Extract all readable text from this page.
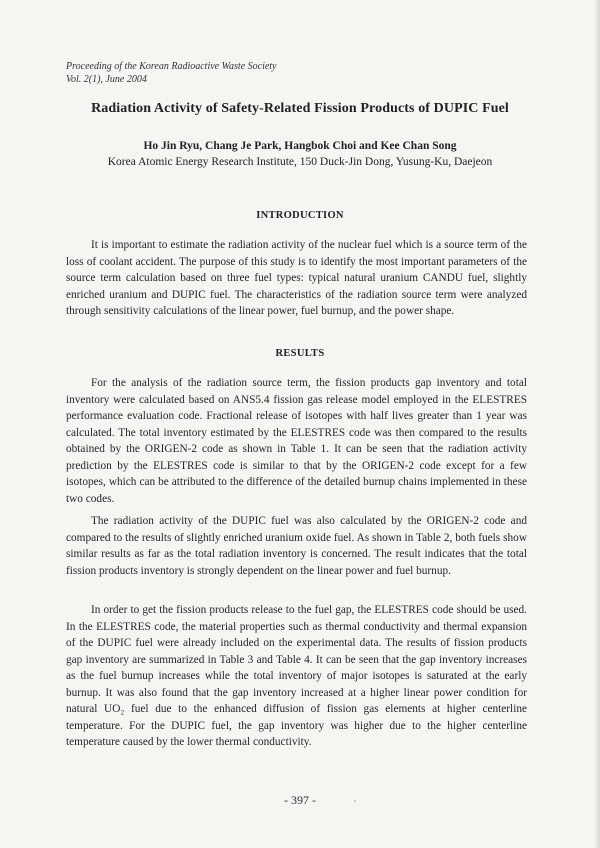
Proceeding of the Korean Radioactive Waste Society
Vol. 2(1), June 2004
Radiation Activity of Safety-Related Fission Products of DUPIC Fuel
Ho Jin Ryu, Chang Je Park, Hangbok Choi and Kee Chan Song
Korea Atomic Energy Research Institute, 150 Duck-Jin Dong, Yusung-Ku, Daejeon
INTRODUCTION
It is important to estimate the radiation activity of the nuclear fuel which is a source term of the loss of coolant accident. The purpose of this study is to identify the most important parameters of the source term calculation based on three fuel types: typical natural uranium CANDU fuel, slightly enriched uranium and DUPIC fuel. The characteristics of the radiation source term were analyzed through sensitivity calculations of the linear power, fuel burnup, and the power shape.
RESULTS
For the analysis of the radiation source term, the fission products gap inventory and total inventory were calculated based on ANS5.4 fission gas release model employed in the ELESTRES performance evaluation code. Fractional release of isotopes with half lives greater than 1 year was calculated. The total inventory estimated by the ELESTRES code was then compared to the results obtained by the ORIGEN-2 code as shown in Table 1. It can be seen that the radiation activity prediction by the ELESTRES code is similar to that by the ORIGEN-2 code except for a few isotopes, which can be attributed to the difference of the detailed burnup chains implemented in these two codes.
The radiation activity of the DUPIC fuel was also calculated by the ORIGEN-2 code and compared to the results of slightly enriched uranium oxide fuel. As shown in Table 2, both fuels show similar results as far as the total radiation inventory is concerned. The result indicates that the total fission products inventory is strongly dependent on the linear power and fuel burnup.
In order to get the fission products release to the fuel gap, the ELESTRES code should be used. In the ELESTRES code, the material properties such as thermal conductivity and thermal expansion of the DUPIC fuel were already included on the experimental data. The results of fission products gap inventory are summarized in Table 3 and Table 4. It can be seen that the gap inventory increases as the fuel burnup increases while the total inventory of major isotopes is saturated at the early burnup. It was also found that the gap inventory increased at a higher linear power condition for natural UO₂ fuel due to the enhanced diffusion of fission gas elements at higher centerline temperature. For the DUPIC fuel, the gap inventory was higher due to the higher centerline temperature caused by the lower thermal conductivity.
- 397 -
